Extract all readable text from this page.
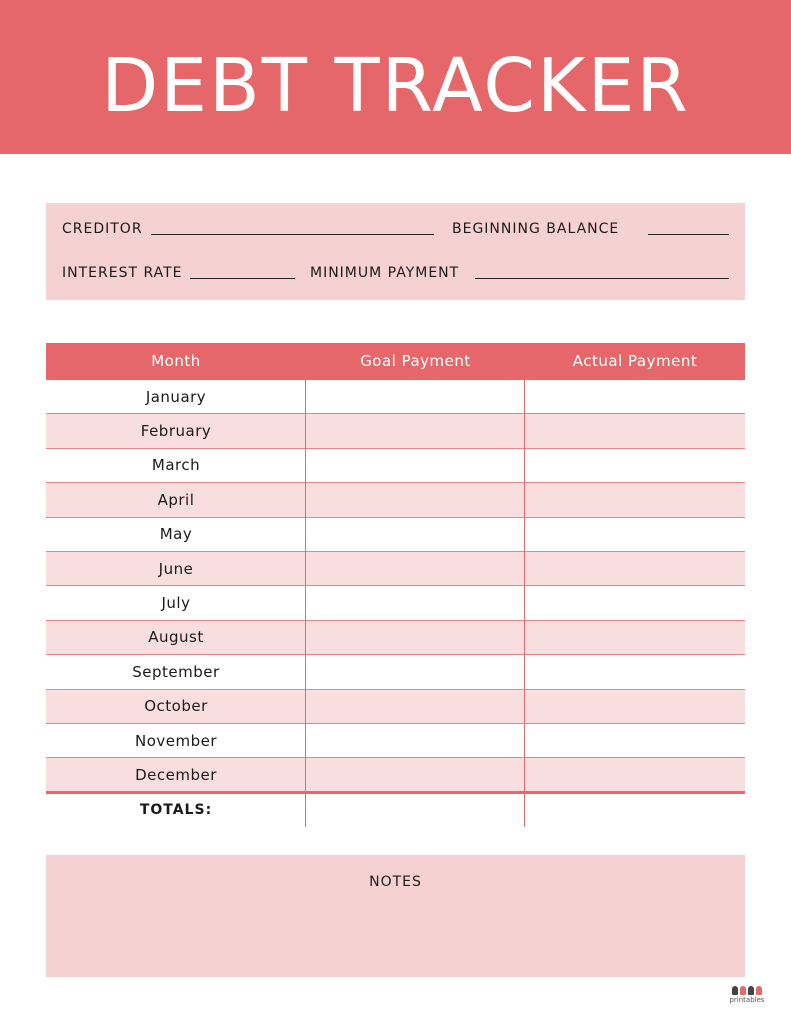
DEBT TRACKER
CREDITOR	BEGINNING BALANCE
INTEREST RATE	MINIMUM PAYMENT
Month	Goal Payment	Actual Payment
January
February
March
April
May
June
July
August
September
October
November
December
TOTALS:
NOTES
printables
